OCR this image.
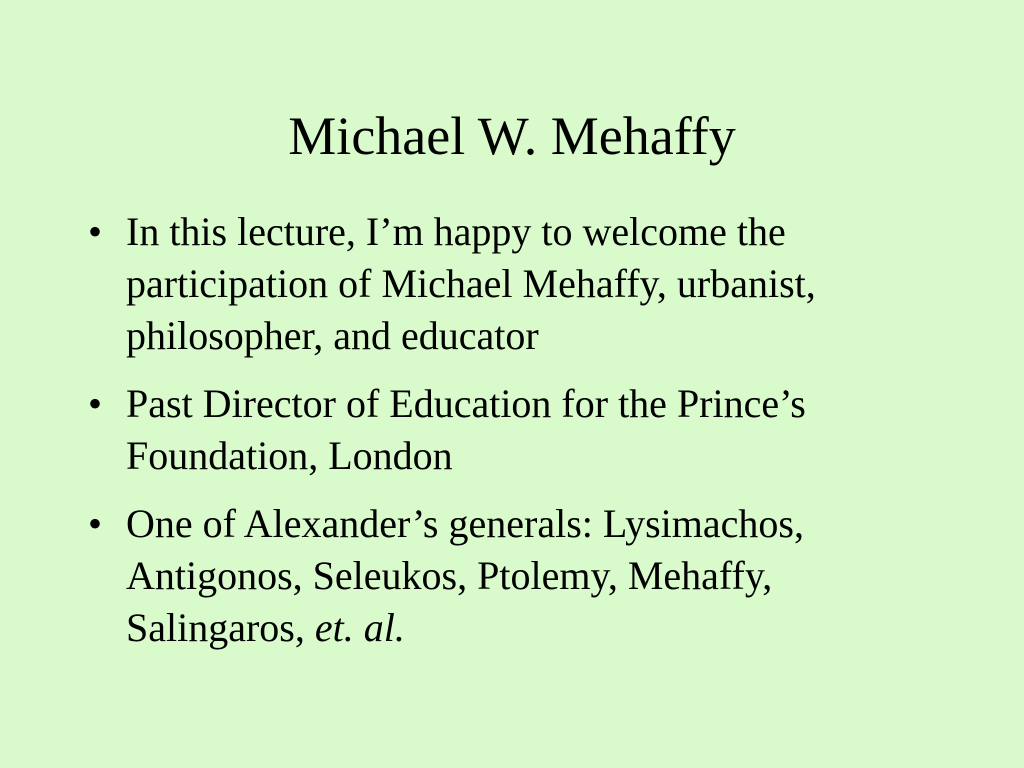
Michael W. Mehaffy
• In this lecture, I’m happy to welcome the participation of Michael Mehaffy, urbanist, philosopher, and educator
• Past Director of Education for the Prince’s Foundation, London
• One of Alexander’s generals: Lysimachos, Antigonos, Seleukos, Ptolemy, Mehaffy, Salingaros, et. al.
